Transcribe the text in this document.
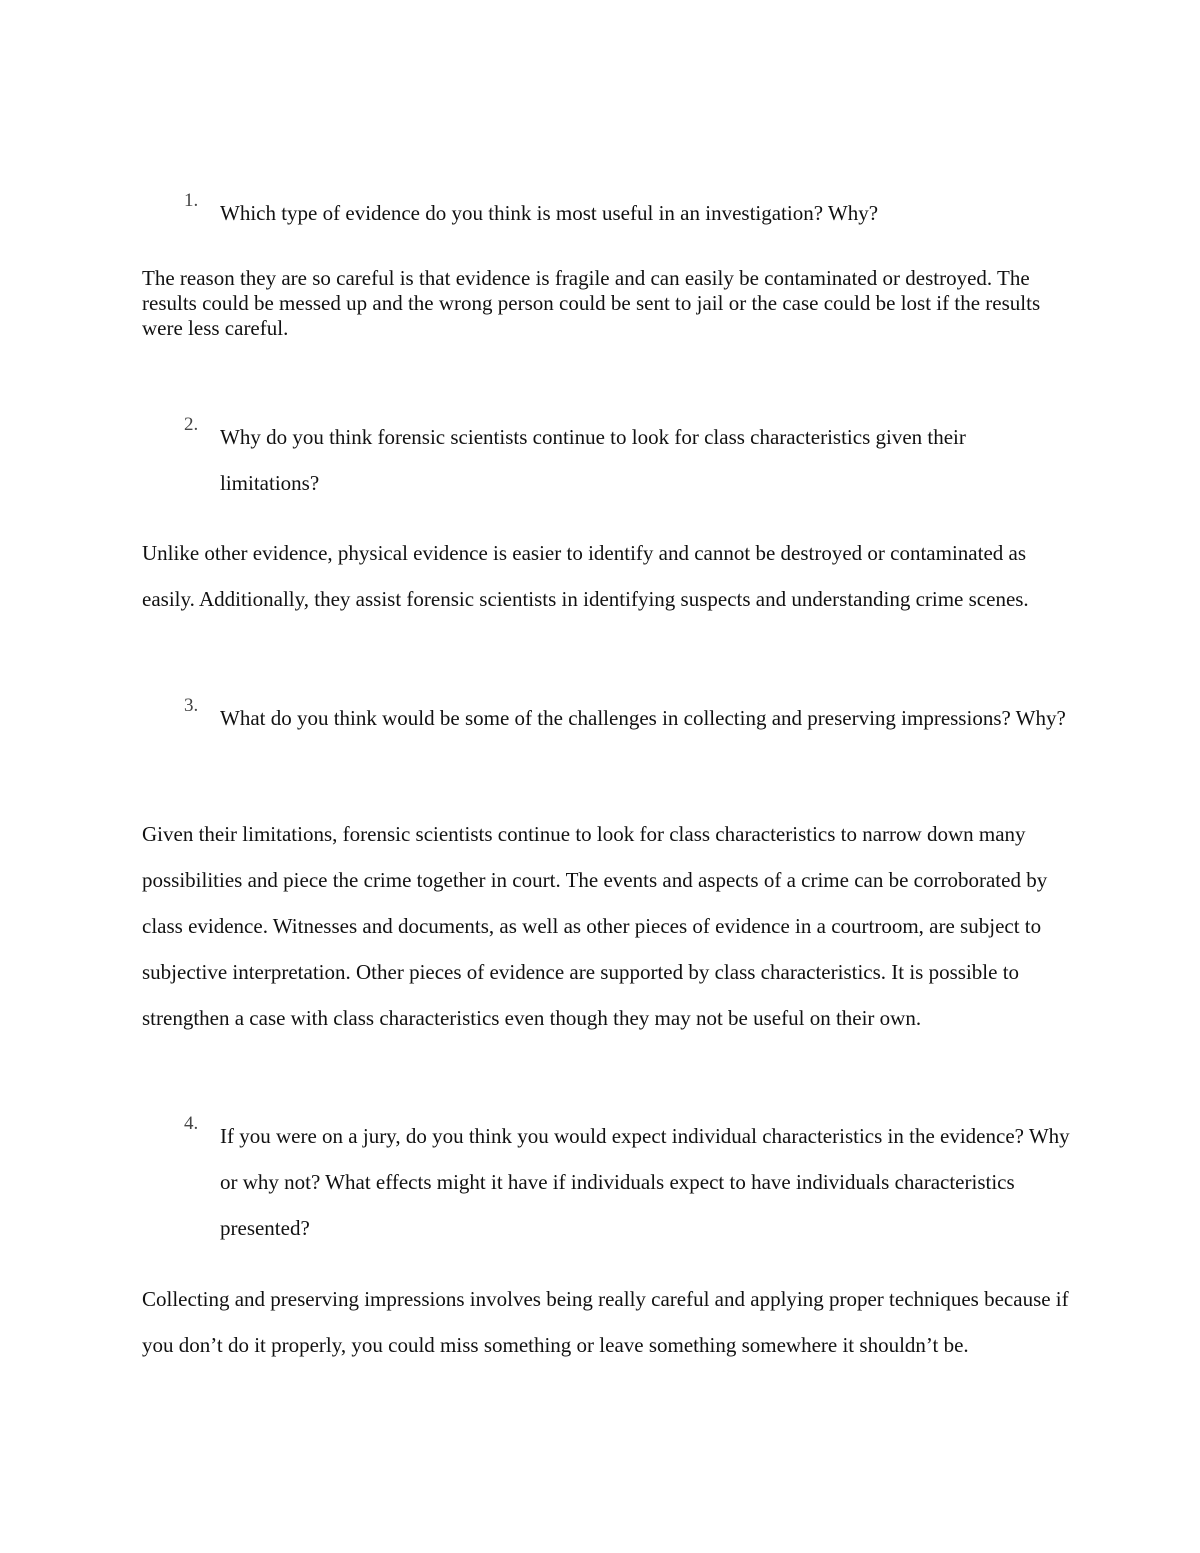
1.
Which type of evidence do you think is most useful in an investigation? Why?
The reason they are so careful is that evidence is fragile and can easily be contaminated or destroyed. The results could be messed up and the wrong person could be sent to jail or the case could be lost if the results were less careful.
2.
Why do you think forensic scientists continue to look for class characteristics given their limitations?
Unlike other evidence, physical evidence is easier to identify and cannot be destroyed or contaminated as easily. Additionally, they assist forensic scientists in identifying suspects and understanding crime scenes.
3.
What do you think would be some of the challenges in collecting and preserving impressions? Why?
Given their limitations, forensic scientists continue to look for class characteristics to narrow down many possibilities and piece the crime together in court. The events and aspects of a crime can be corroborated by class evidence. Witnesses and documents, as well as other pieces of evidence in a courtroom, are subject to subjective interpretation. Other pieces of evidence are supported by class characteristics. It is possible to strengthen a case with class characteristics even though they may not be useful on their own.
4.
If you were on a jury, do you think you would expect individual characteristics in the evidence? Why or why not? What effects might it have if individuals expect to have individuals characteristics presented?
Collecting and preserving impressions involves being really careful and applying proper techniques because if you don’t do it properly, you could miss something or leave something somewhere it shouldn’t be.
